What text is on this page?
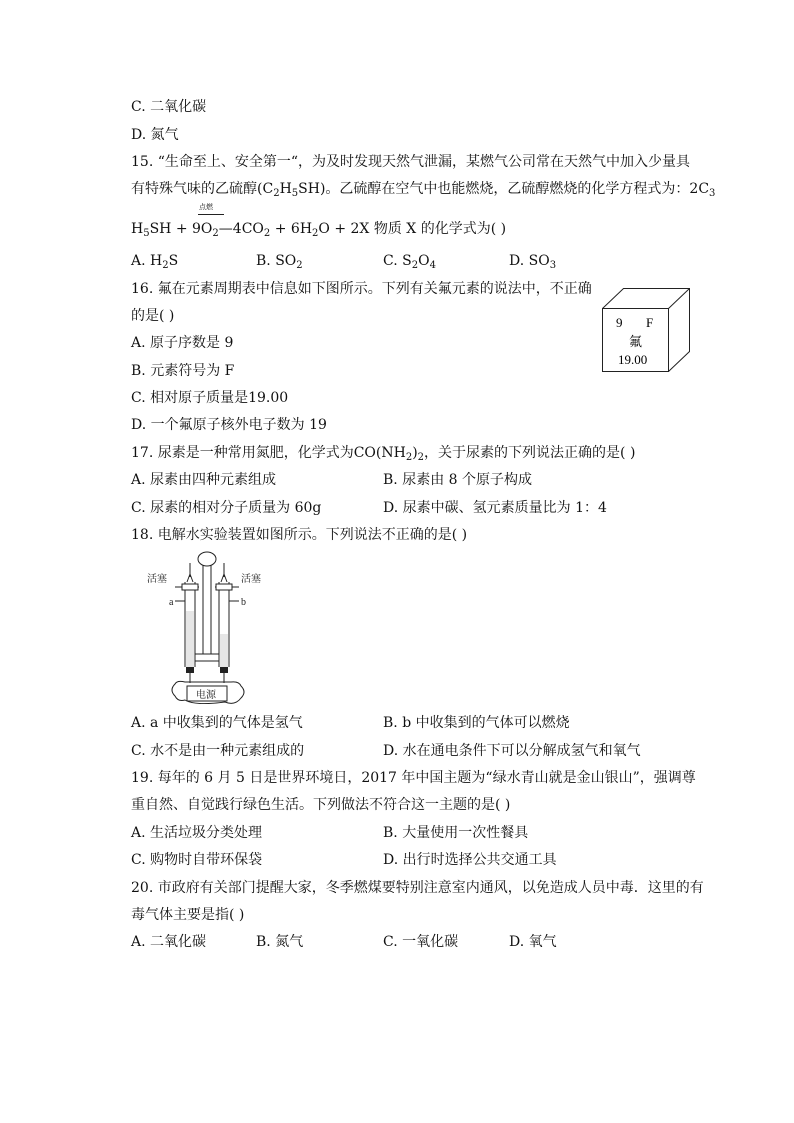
C. 二氧化碳
D. 氮气
15. “生命至上、安全第一“，为及时发现天然气泄漏，某燃气公司常在天然气中加入少量具
有特殊气味的乙硫醇$(C_2H_5SH)$。乙硫醇在空气中也能燃烧，乙硫醇燃烧的化学方程式为：$2C_3$
点燃
$H_5SH$ + $9O_2—4CO_2 + 6H_2O + 2X$ 物质 X 的化学式为( )
A. $H_2S$	B. $SO_2$	C. $S_2O_4$	D. $SO_3$
16. 氟在元素周期表中信息如下图所示。下列有关氟元素的说法中，不正确
的是( )
A. 原子序数是 9
B. 元素符号为 F
C. 相对原子质量是19.00
D. 一个氟原子核外电子数为 19
9 F
氟
19.00
17. 尿素是一种常用氮肥，化学式为$CO(NH_2)_2$，关于尿素的下列说法正确的是( )
A. 尿素由四种元素组成	B. 尿素由 8 个原子构成
C. 尿素的相对分子质量为 60g	D. 尿素中碳、氢元素质量比为 1：4
18. 电解水实验装置如图所示。下列说法不正确的是( )
活塞	活塞
a	b
电源
A. a 中收集到的气体是氢气	B. b 中收集到的气体可以燃烧
C. 水不是由一种元素组成的	D. 水在通电条件下可以分解成氢气和氧气
19. 每年的 6 月 5 日是世界环境日，2017 年中国主题为“绿水青山就是金山银山”，强调尊
重自然、自觉践行绿色生活。下列做法不符合这一主题的是( )
A. 生活垃圾分类处理	B. 大量使用一次性餐具
C. 购物时自带环保袋	D. 出行时选择公共交通工具
20. 市政府有关部门提醒大家，冬季燃煤要特别注意室内通风，以免造成人员中毒．这里的有
毒气体主要是指( )
A. 二氧化碳	B. 氮气	C. 一氧化碳	D. 氧气
